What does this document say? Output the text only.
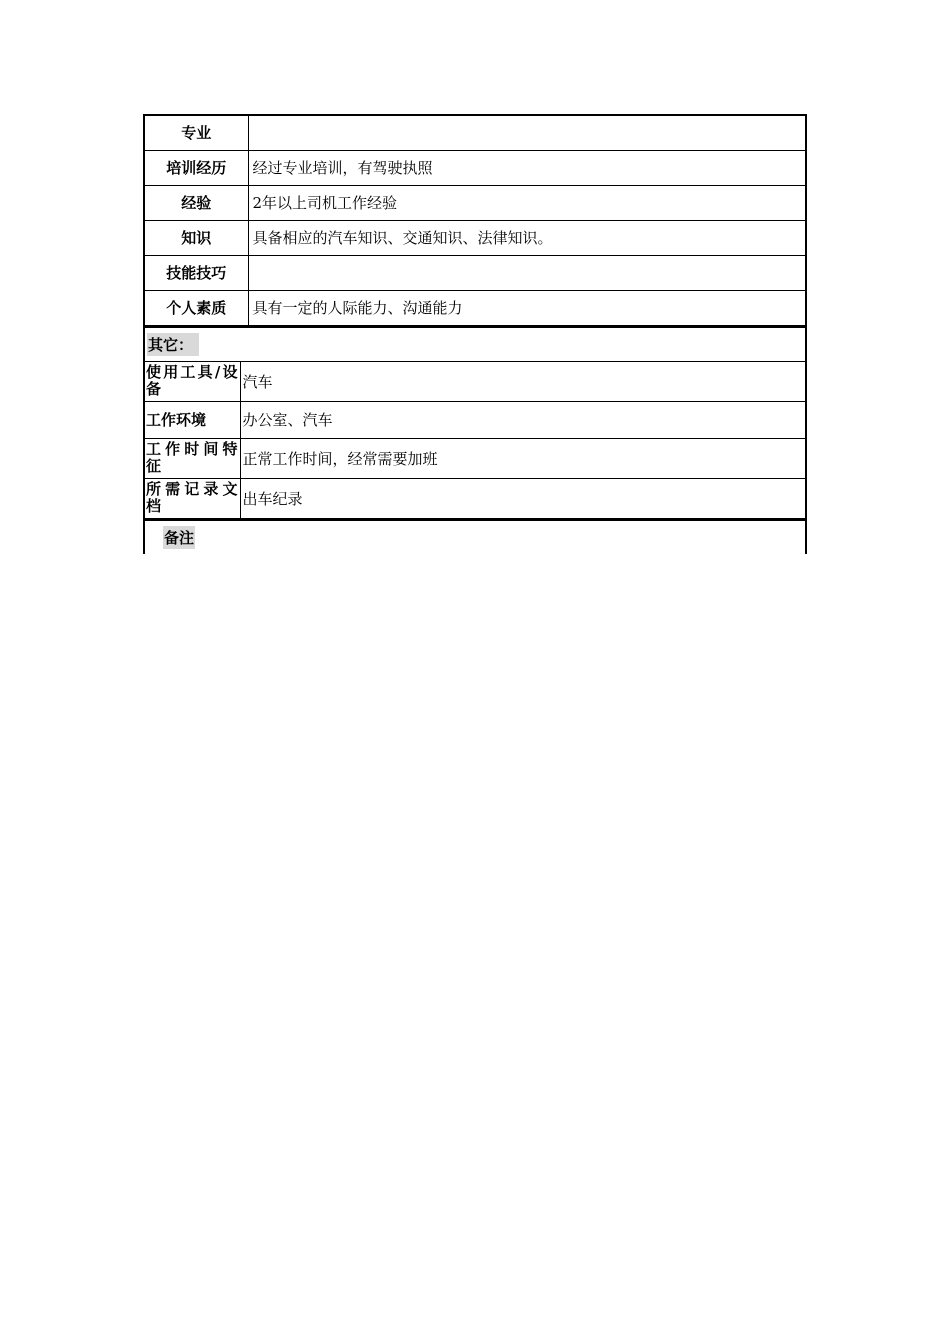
专业	
培训经历	经过专业培训，有驾驶执照
经验	2年以上司机工作经验
知识	具备相应的汽车知识、交通知识、法律知识。
技能技巧	
个人素质	具有一定的人际能力、沟通能力
其它：
使用工具/设备	汽车
工作环境	办公室、汽车
工作时间特征	正常工作时间，经常需要加班
所需记录文档	出车纪录
备注
